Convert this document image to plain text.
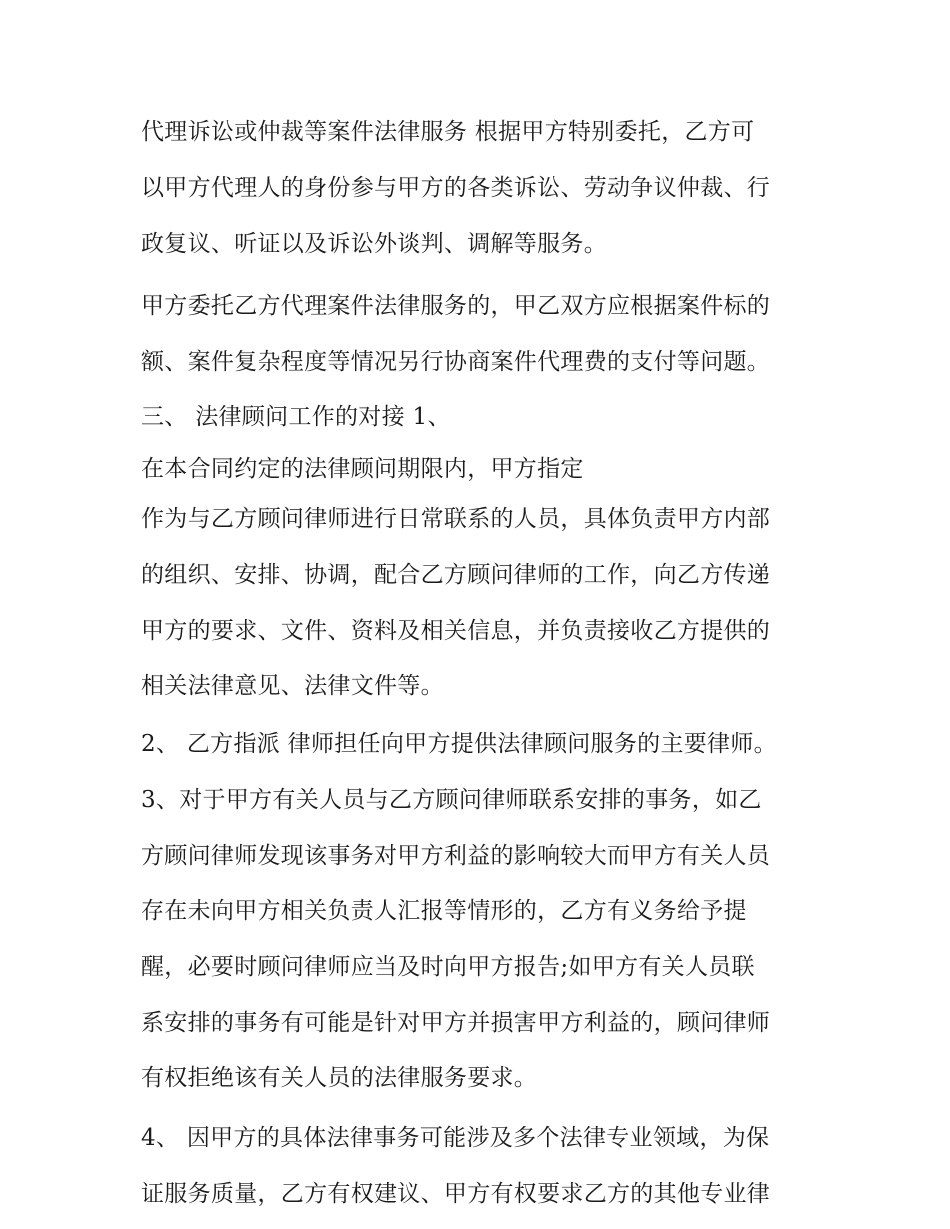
代理诉讼或仲裁等案件法律服务 根据甲方特别委托，乙方可
以甲方代理人的身份参与甲方的各类诉讼、劳动争议仲裁、行
政复议、听证以及诉讼外谈判、调解等服务。
甲方委托乙方代理案件法律服务的，甲乙双方应根据案件标的
额、案件复杂程度等情况另行协商案件代理费的支付等问题。
三、 法律顾问工作的对接 1、
在本合同约定的法律顾问期限内，甲方指定
作为与乙方顾问律师进行日常联系的人员，具体负责甲方内部
的组织、安排、协调，配合乙方顾问律师的工作，向乙方传递
甲方的要求、文件、资料及相关信息，并负责接收乙方提供的
相关法律意见、法律文件等。
2、 乙方指派 律师担任向甲方提供法律顾问服务的主要律师。
3、对于甲方有关人员与乙方顾问律师联系安排的事务，如乙
方顾问律师发现该事务对甲方利益的影响较大而甲方有关人员
存在未向甲方相关负责人汇报等情形的，乙方有义务给予提
醒，必要时顾问律师应当及时向甲方报告;如甲方有关人员联
系安排的事务有可能是针对甲方并损害甲方利益的，顾问律师
有权拒绝该有关人员的法律服务要求。
4、 因甲方的具体法律事务可能涉及多个法律专业领域，为保
证服务质量，乙方有权建议、甲方有权要求乙方的其他专业律
